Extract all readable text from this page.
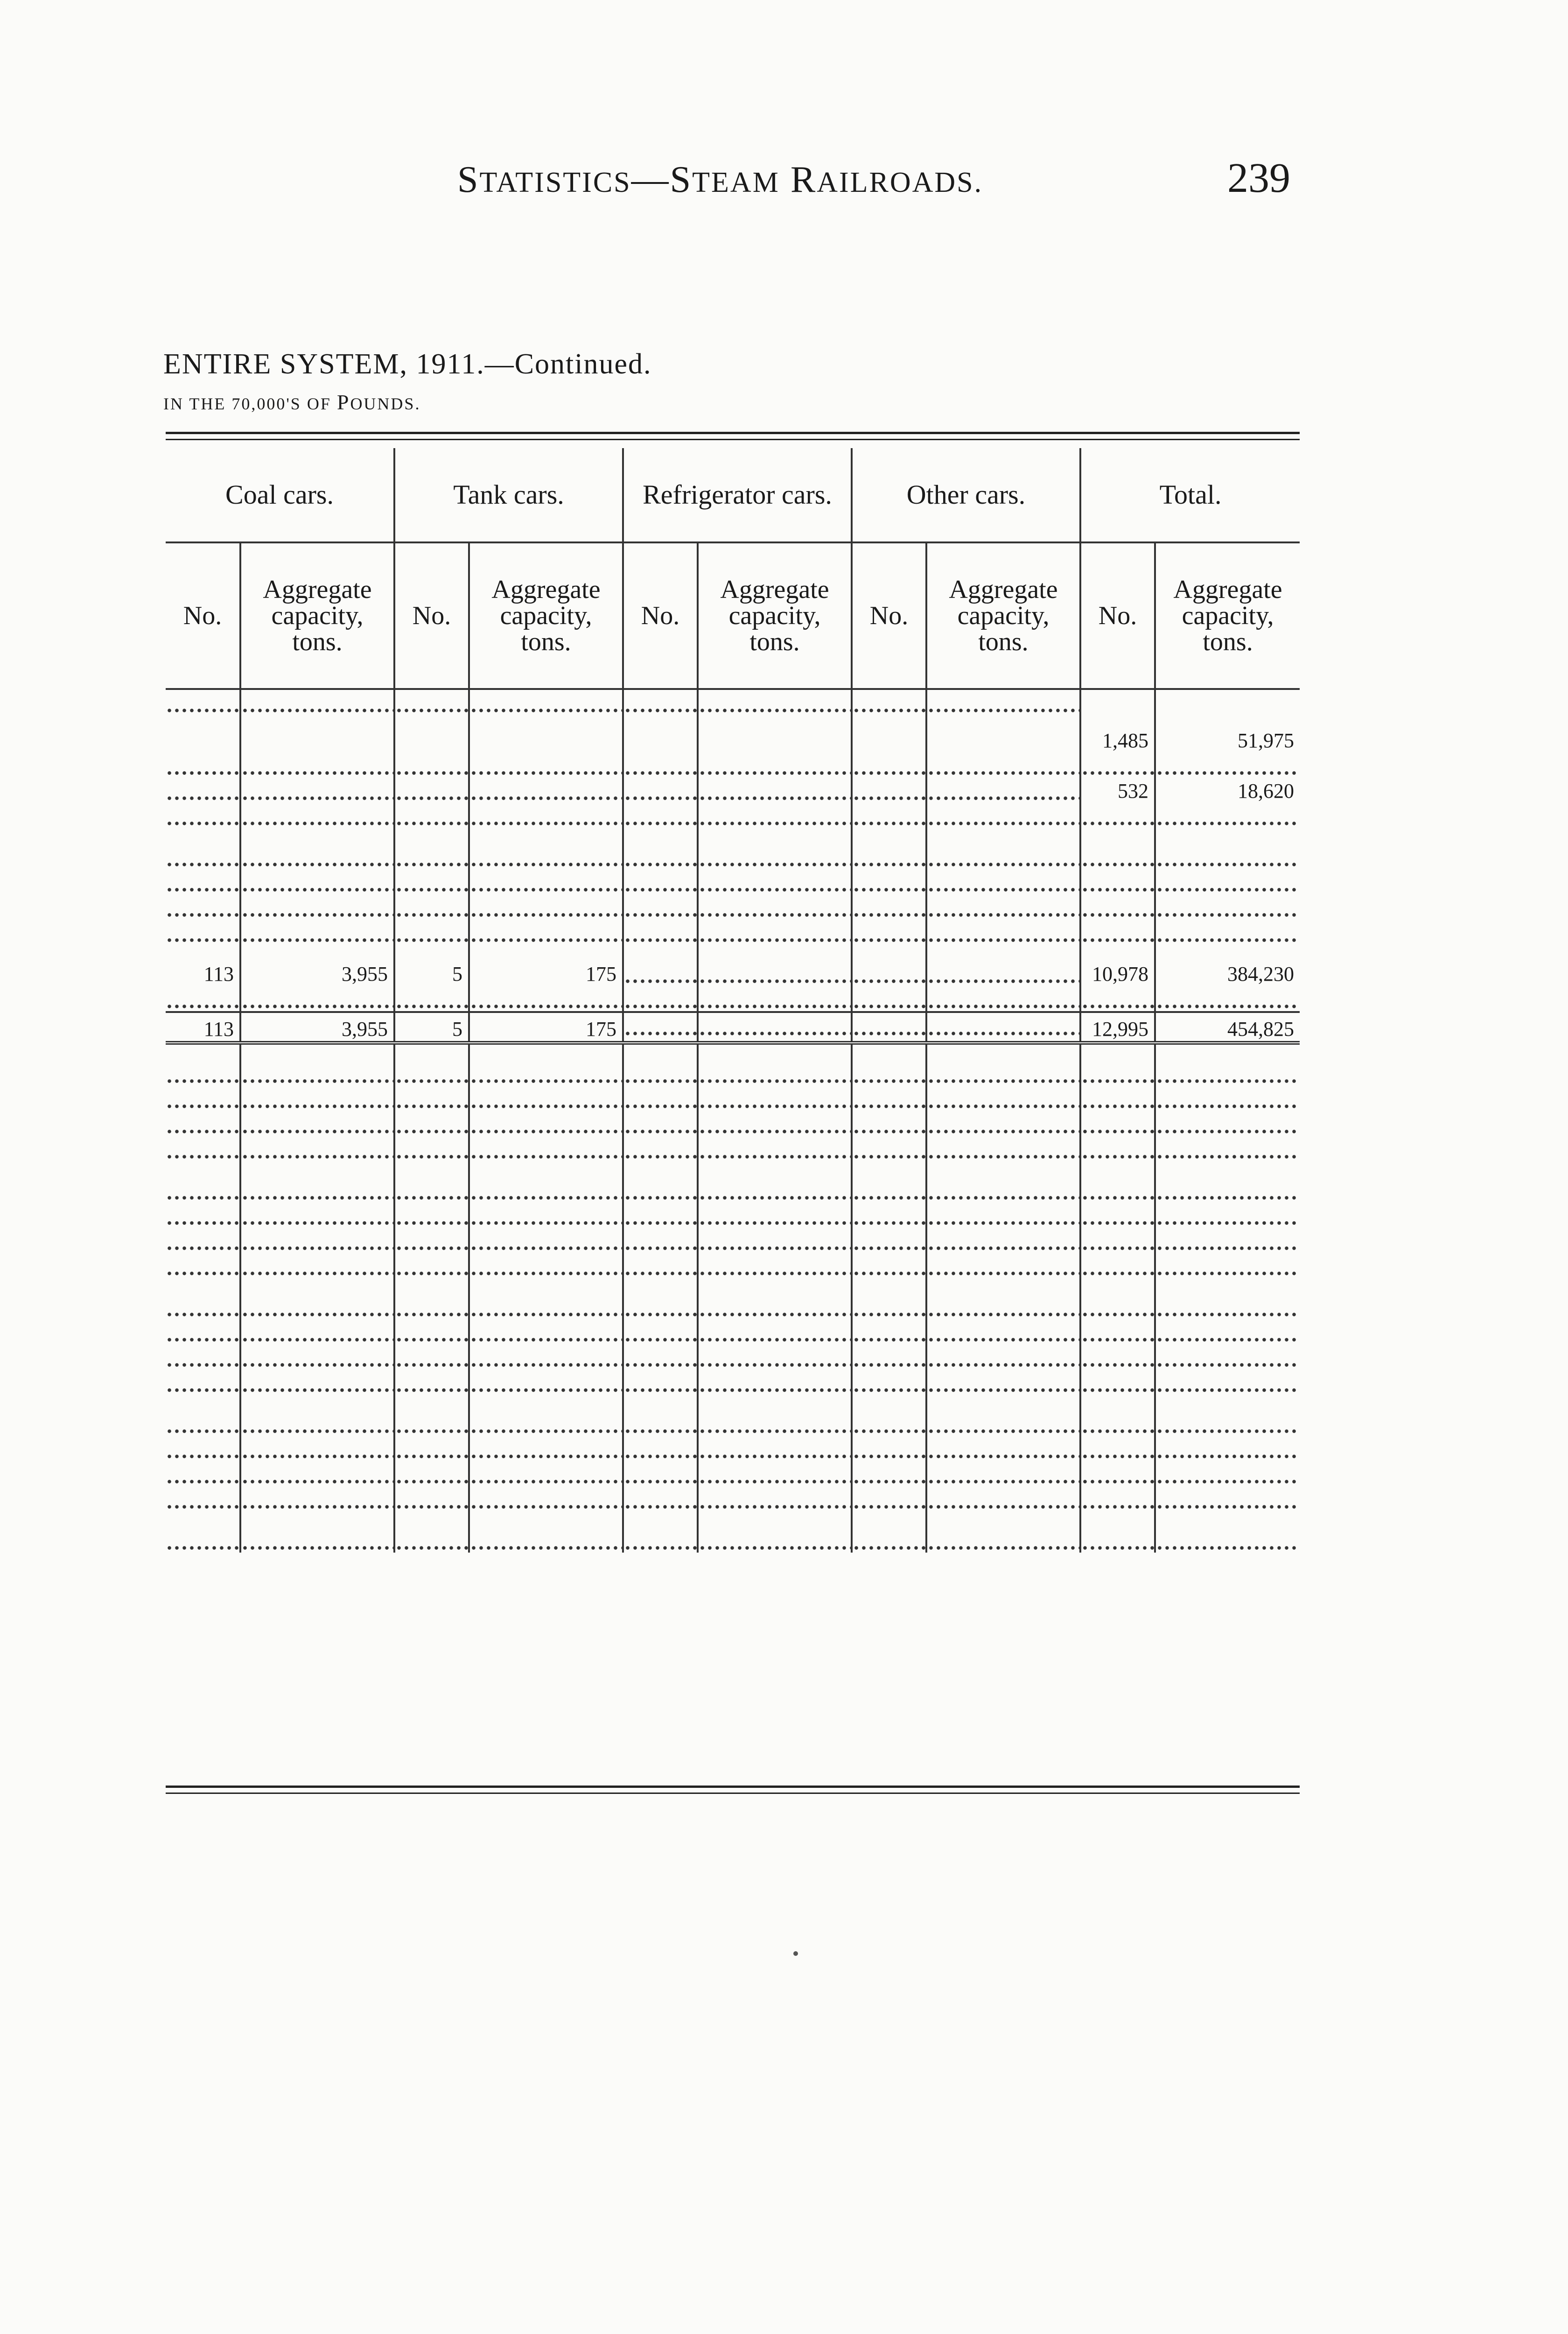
STATISTICS—STEAM RAILROADS.	239
ENTIRE SYSTEM, 1911.—Continued.
IN THE 70,000'S OF POUNDS.
Coal cars.		Tank cars.		Refrigerator cars.		Other cars.		Total.	
No.	Aggregate capacity, tons.	No.	Aggregate capacity, tons.	No.	Aggregate capacity, tons.	No.	Aggregate capacity, tons.	No.	Aggregate capacity, tons.
								1,485	51,975

								532	18,620

113	3,955	5	175					10,978	384,230

113	3,955	5	175					12,995	454,825
